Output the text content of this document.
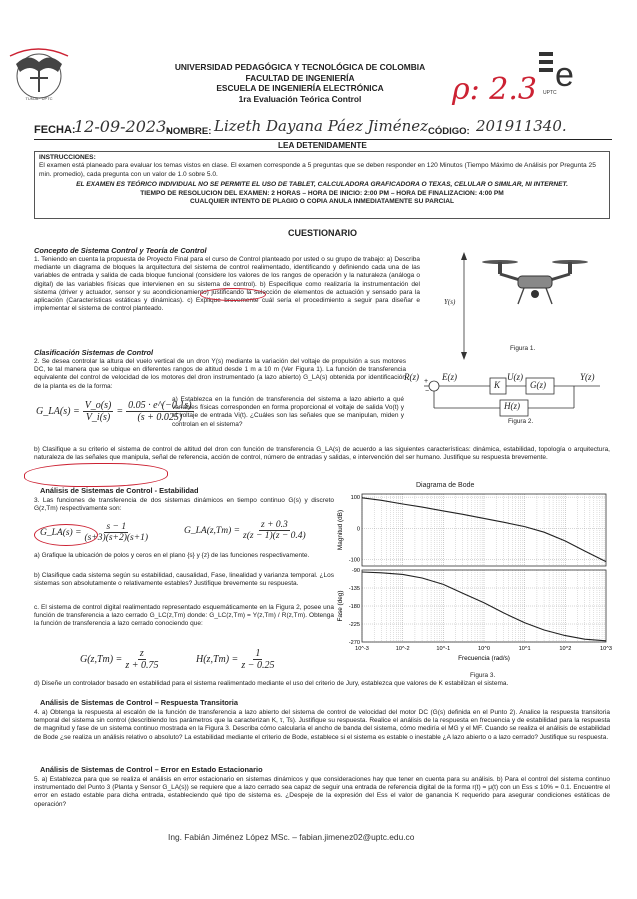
TUNJA · UPTC
UNIVERSIDAD PEDAGÓGICA Y TECNOLÓGICA DE COLOMBIA
FACULTAD DE INGENIERÍA
ESCUELA DE INGENIERÍA ELECTRÓNICA
1ra Evaluación Teórica Control	ρ: 2.3 e
UPTC
FECHA:
12-09-2023.
NOMBRE: Lizeth Dayana Páez Jiménez CÓDIGO: 201911340.
LEA DETENIDAMENTE
INSTRUCCIONES:
El examen está planeado para evaluar los temas vistos en clase. El examen corresponde a 5 preguntas que se deben responder en 120 Minutos (Tiempo Máximo de Análisis por Pregunta 25 min. promedio), cada pregunta con un valor de 1.0 sobre 5.0.
EL EXAMEN ES TEÓRICO INDIVIDUAL NO SE PERMITE EL USO DE TABLET, CALCULADORA GRAFICADORA O TEXAS, CELULAR O SIMILAR, NI INTERNET.
TIEMPO DE RESOLUCION DEL EXAMEN: 2 HORAS – HORA DE INICIO: 2:00 PM – HORA DE FINALIZACION: 4:00 PM
CUALQUIER INTENTO DE PLAGIO O COPIA ANULA INMEDIATAMENTE SU PARCIAL
CUESTIONARIO
Concepto de Sistema Control y Teoría de Control
1. Teniendo en cuenta la propuesta de Proyecto Final para el curso de Control planteado por usted o su grupo de trabajo: a) Describa mediante un diagrama de bloques la arquitectura del sistema de control realimentado, identificando y definiendo cada una de las variables de entrada y salida de cada bloque funcional (considere los valores de los rangos de operación y la naturaleza (análoga o digital) de las variables físicas que intervienen en su sistema de control). b) Especifique como realizaría la instrumentación del sistema (driver y actuador, sensor y su acondicionamiento) justificando la selección de elementos de actuación y sensado para la aplicación (Características estáticas y dinámicas). c) Explique brevemente cuál sería el procedimiento a seguir para diseñar e implementar el sistema de control planteado.
Y(s)
Figura 1.
Clasificación Sistemas de Control
2. Se desea controlar la altura del vuelo vertical de un dron Y(s) mediante la variación del voltaje de propulsión a sus motores DC, te tal manera que se ubique en diferentes rangos de altitud desde 1 m a 10 m (Ver Figura 1). La función de transferencia equivalente del control de velocidad de los motores del dron instrumentado (a lazo abierto) G_LA(s) obtenida por identificación de la planta es de la forma:
G_LA(s) = $\frac{V\_o(s)}{V\_i(s)} = \frac{0.05 \cdot e\^{}(-0.1s)}{(s + 0.025)}$
a) Establezca en la función de transferencia del sistema a lazo abierto a qué variables físicas corresponden en forma proporcional el voltaje de salida Vo(t) y el voltaje de entrada Vi(t). ¿Cuáles son las señales que se manipulan, miden y controlan en el sistema?
R(z)	E(z)
K
U(z)
G(z)
Y(z)
H(z)
+
−
Figura 2.
b) Clasifique a su criterio el sistema de control de altitud del dron con función de transferencia G_LA(s) de acuerdo a las siguientes características: dinámica, estabilidad, topología o arquitectura, naturaleza de las señales que manipula, señal de referencia, acción de control, número de entradas y salidas, e intervención del ser humano. Justifique su respuesta brevemente.
Análisis de Sistemas de Control - Estabilidad
3. Las funciones de transferencia de dos sistemas dinámicos en tiempo continuo G(s) y discreto G(z,Tm) respectivamente son:
G_LA(s) = $\frac{s - 1}{(s+3)(s+2)(s+1)}$	G_LA(z,Tm) = $\frac{z + 0.3}{z(z - 1)(z - 0.4)}$
a) Grafique la ubicación de polos y ceros en el plano {s} y {z} de las funciones respectivamente.
b) Clasifique cada sistema según su estabilidad, causalidad, Fase, linealidad y varianza temporal. ¿Los sistemas son absolutamente o relativamente estables? Justifique brevemente su respuesta.
c. El sistema de control digital realimentado representado esquemáticamente en la Figura 2, posee una función de transferencia a lazo cerrado G_LC(z,Tm) donde: G_LC(z,Tm) = Y(z,Tm) / R(z,Tm). Obtenga la función de transferencia a lazo cerrado conociendo que:
$G(z,Tm) = \frac{z}{z + 0.75}$	$H(z,Tm) = \frac{1}{z - 0.25}$
Diagrama de Bode
100
0
-100
-90
-135
-180
-225
-270
10^-3	10^-2	10^-1	10^0	10^1	10^2	10^3
Magnitud (dB)
Fase (deg)
Frecuencia (rad/s)
Figura 3.
d) Diseñe un controlador basado en estabilidad para el sistema realimentado mediante el uso del criterio de Jury, establezca que valores de K estabilizan el sistema.
Análisis de Sistemas de Control – Respuesta Transitoria
4. a) Obtenga la respuesta al escalón de la función de transferencia a lazo abierto del sistema de control de velocidad del motor DC (G(s) definida en el Punto 2). Analice la respuesta transitoria temporal del sistema sin control (describiendo los parámetros que la caracterizan K, τ, Ts). Justifique su respuesta. Realice el análisis de la respuesta en frecuencia y de estabilidad para la respuesta de magnitud y fase de un sistema continuo mostrada en la Figura 3. Describa cómo calcularía el ancho de banda del sistema, cómo mediría el MG y el MF. Cuando se realiza el análisis de estabilidad de Bode ¿se realiza un análisis relativo o absoluto? La estabilidad mediante el criterio de Bode, establece si el sistema es estable o inestable ¿A lazo abierto o a lazo cerrado? Justifique su respuesta.
Análisis de Sistemas de Control – Error en Estado Estacionario
5. a) Establezca para que se realiza el análisis en error estacionario en sistemas dinámicos y que consideraciones hay que tener en cuenta para su análisis. b) Para el control del sistema continuo instrumentado del Punto 3 (Planta y Sensor G_LA(s)) se requiere que a lazo cerrado sea capaz de seguir una entrada de referencia digital de la forma r(t) = μ(t) con un Ess ≤ 10% = 0.1. Encuentre el error en estado estable para dicha entrada, estableciendo qué tipo de sistema es. ¿Despeje de la expresión del Ess el valor de ganancia K requerido para asegurar condiciones estáticas de operación?
Ing. Fabián Jiménez López MSc. – fabian.jimenez02@uptc.edu.co
